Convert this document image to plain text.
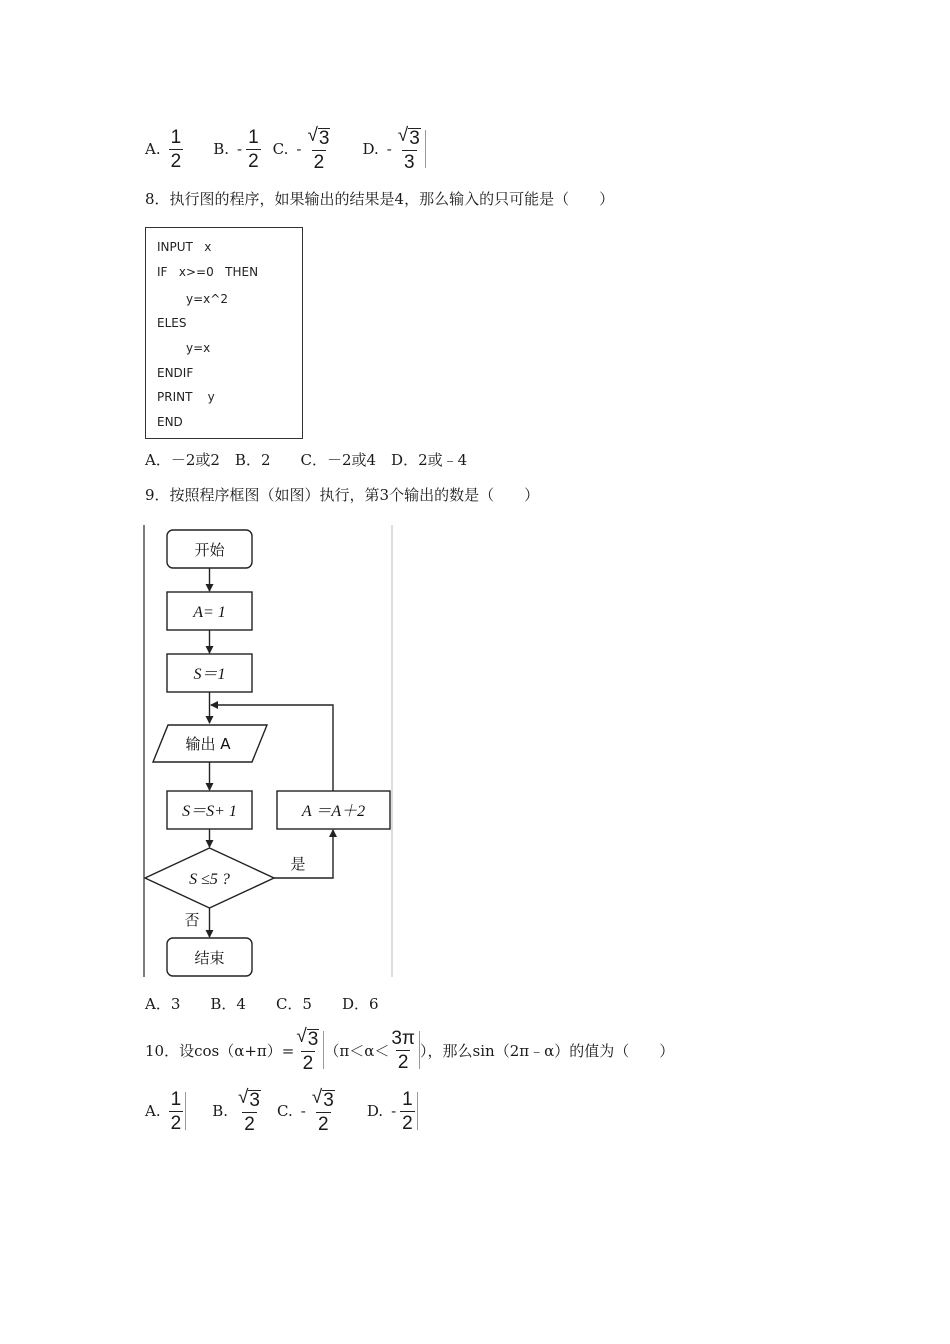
A. $\frac{1}{2} B$. - $\frac{1}{2} C$. - $\frac{√ 3}{2} D$. - $\frac{√ 3}{3}$
8．执行图的程序，如果输出的结果是4，那么输入的只可能是（　　）
INPUT   x
IF   x>=0   THEN
y=x^2
ELES
y=x
ENDIF
PRINT    y
END
A．－2或2　B．2　　C．－2或4　D．2或﹣4
9．按照程序框图（如图）执行，第3个输出的数是（　　）
开始
A= 1
S＝1
输出 A
S＝S+ 1
S ≤5 ?
是
A ＝A＋2
否
结束
A．3　　B．4　　C．5　　D．6
10．设$\cos(\alpha+\pi)= \frac{√ 3}{2} (\pi<\alpha< \frac{3\pi}{2}$ ），那么sin（2π﹣α）的值为（　　）
A. $\frac{1}{2} B$. $\frac{√ 3}{2} C$. - $\frac{√ 3}{2} D$. - $\frac{1}{2}$
